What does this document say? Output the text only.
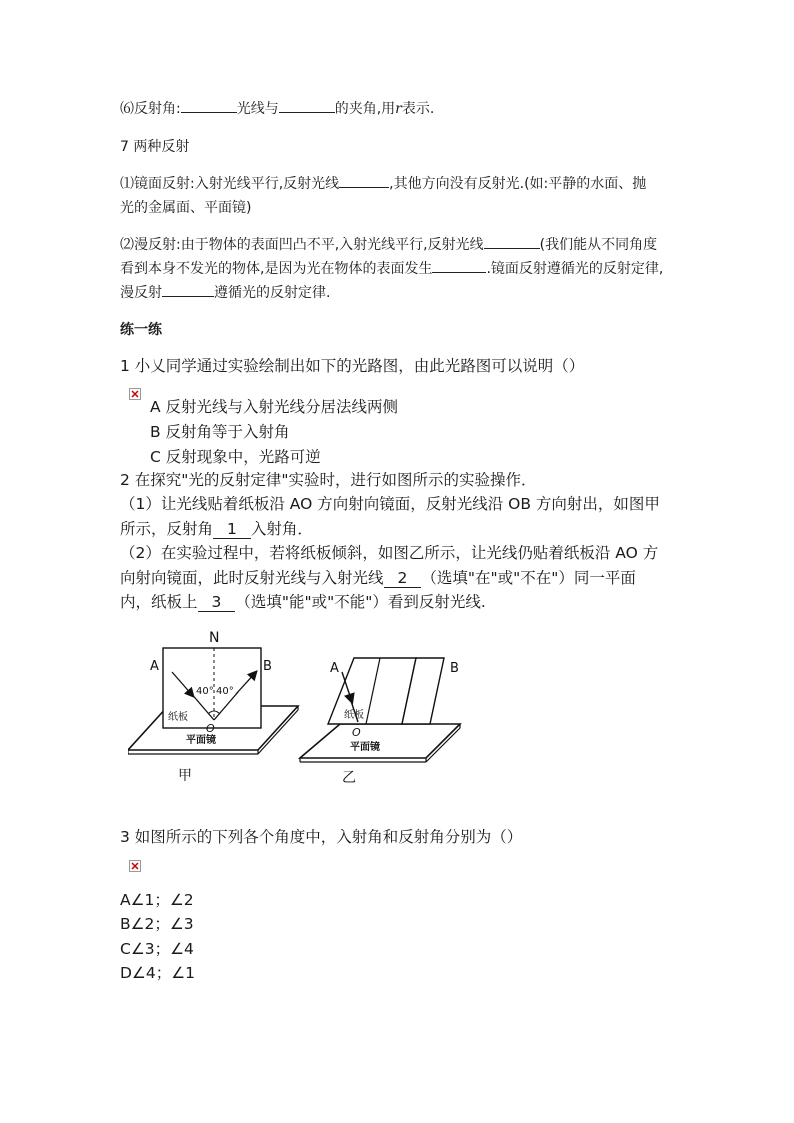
⑹反射角:	光线与	的夹角,用r表示.
7 两种反射
⑴镜面反射:入射光线平行,反射光线	,其他方向没有反射光.(如:平静的水面、抛
光的金属面、平面镜)
⑵漫反射:由于物体的表面凹凸不平,入射光线平行,反射光线	(我们能从不同角度
看到本身不发光的物体,是因为光在物体的表面发生	.镜面反射遵循光的反射定律,
漫反射	遵循光的反射定律.
练一练
1 小乂同学通过实验绘制出如下的光路图，由此光路图可以说明（）
A 反射光线与入射光线分居法线两侧
B 反射角等于入射角
C 反射现象中，光路可逆
2 在探究"光的反射定律"实验时，进行如图所示的实验操作．
（1）让光线贴着纸板沿 AO 方向射向镜面，反射光线沿 OB 方向射出，如图甲
所示，反射角 1 入射角．
（2）在实验过程中，若将纸板倾斜，如图乙所示，让光线仍贴着纸板沿 AO 方
向射向镜面，此时反射光线与入射光线 2 （选填"在"或"不在"）同一平面
内，纸板上 3 （选填"能"或"不能"）看到反射光线.
N
A	B
40° 40°
O
纸板
平面镜
甲
A	B
O
纸板
平面镜
乙
3 如图所示的下列各个角度中，入射角和反射角分别为（）
A∠1；∠2
B∠2；∠3
C∠3；∠4
D∠4；∠1
